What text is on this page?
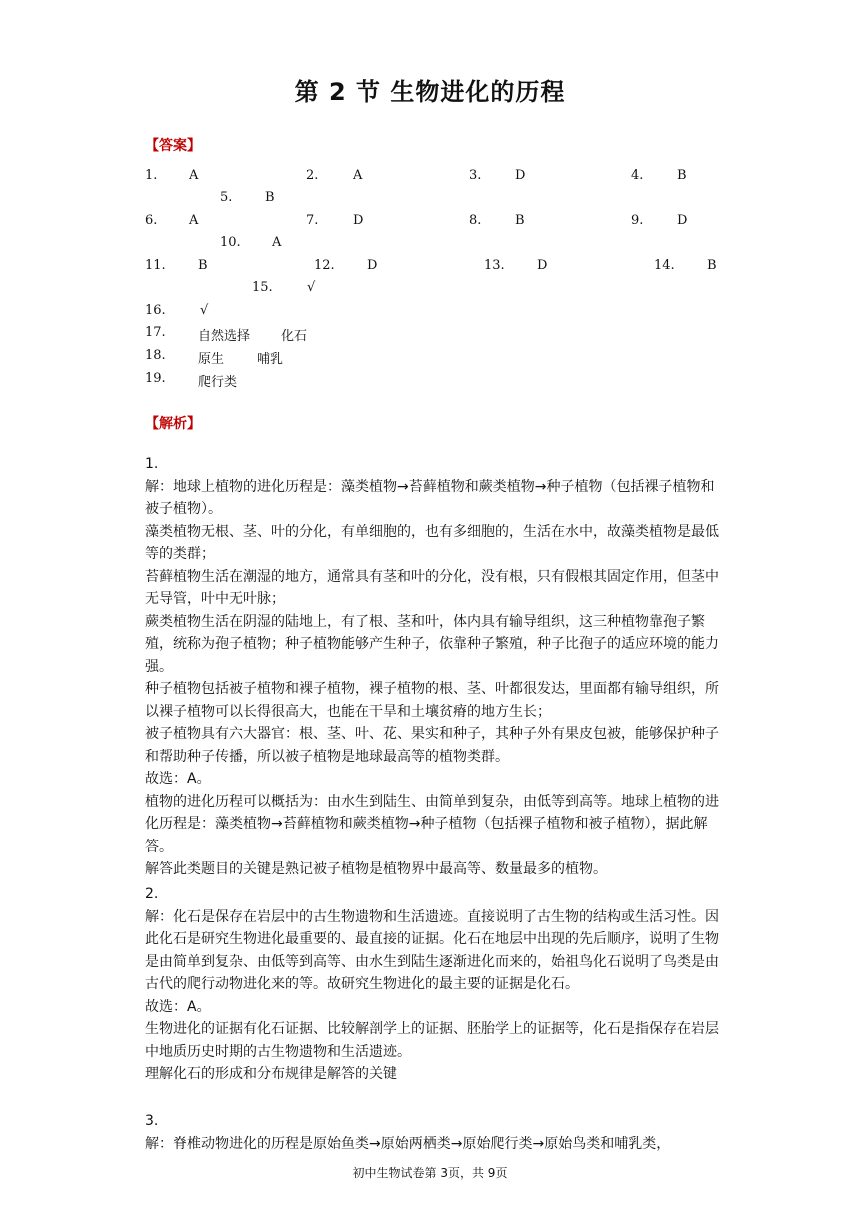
第 2 节 生物进化的历程
【答案】
1. A	2.	A	3.	D	4.	B
5.	B
6. A	7.	D	8.	B	9.	D
10. A
11. B	12. D	13. D	14. B
15.	√
16.	√
17. 自然选择 化石
18. 原生	哺乳
19. 爬行类
【解析】

1.

解：地球上植物的进化历程是：藻类植物→苔藓植物和蕨类植物→种子植物（包括裸子植物和被子植物）。

藻类植物无根、茎、叶的分化，有单细胞的，也有多细胞的，生活在水中，故藻类植物是最低等的类群；

苔藓植物生活在潮湿的地方，通常具有茎和叶的分化，没有根，只有假根其固定作用，但茎中无导管，叶中无叶脉；

蕨类植物生活在阴湿的陆地上，有了根、茎和叶，体内具有输导组织，这三种植物靠孢子繁殖，统称为孢子植物；种子植物能够产生种子，依靠种子繁殖，种子比孢子的适应环境的能力强。

种子植物包括被子植物和裸子植物，裸子植物的根、茎、叶都很发达，里面都有输导组织，所以裸子植物可以长得很高大，也能在干旱和土壤贫瘠的地方生长；

被子植物具有六大器官：根、茎、叶、花、果实和种子，其种子外有果皮包被，能够保护种子和帮助种子传播，所以被子植物是地球最高等的植物类群。

故选：A。

植物的进化历程可以概括为：由水生到陆生、由简单到复杂，由低等到高等。地球上植物的进化历程是：藻类植物→苔藓植物和蕨类植物→种子植物（包括裸子植物和被子植物），据此解答。

解答此类题目的关键是熟记被子植物是植物界中最高等、数量最多的植物。

2.

解：化石是保存在岩层中的古生物遗物和生活遗迹。直接说明了古生物的结构或生活习性。因此化石是研究生物进化最重要的、最直接的证据。化石在地层中出现的先后顺序，说明了生物是由简单到复杂、由低等到高等、由水生到陆生逐渐进化而来的，始祖鸟化石说明了鸟类是由古代的爬行动物进化来的等。故研究生物进化的最主要的证据是化石。

故选：A。

生物进化的证据有化石证据、比较解剖学上的证据、胚胎学上的证据等，化石是指保存在岩层中地质历史时期的古生物遗物和生活遗迹。

理解化石的形成和分布规律是解答的关键

3.

解：脊椎动物进化的历程是原始鱼类→原始两栖类→原始爬行类→原始鸟类和哺乳类，

初中生物试卷第 3页，共 9页
